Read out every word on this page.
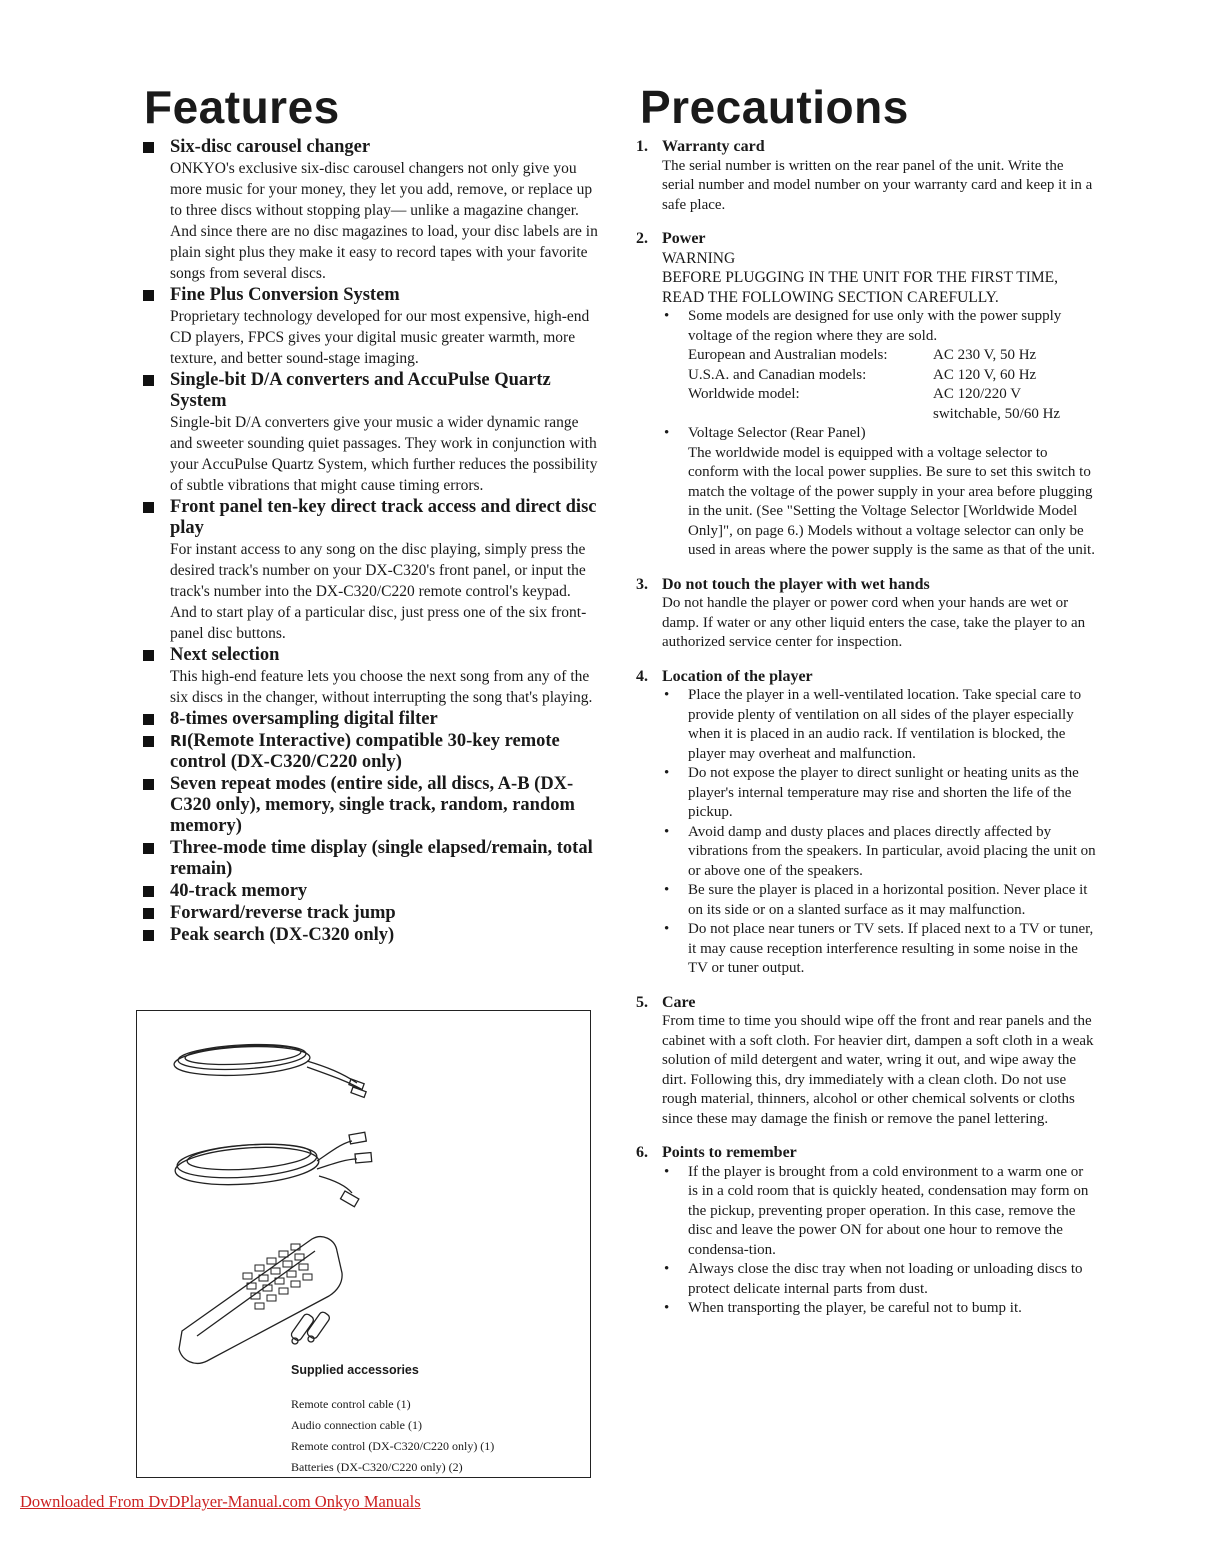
Features
Six-disc carousel changer
ONKYO's exclusive six-disc carousel changers not only give you more music for your money, they let you add, remove, or replace up to three discs without stopping play— unlike a magazine changer. And since there are no disc magazines to load, your disc labels are in plain sight plus they make it easy to record tapes with your favorite songs from several discs.
Fine Plus Conversion System
Proprietary technology developed for our most expensive, high-end CD players, FPCS gives your digital music greater warmth, more texture, and better sound-stage imaging.
Single-bit D/A converters and AccuPulse Quartz System
Single-bit D/A converters give your music a wider dynamic range and sweeter sounding quiet passages. They work in conjunction with your AccuPulse Quartz System, which further reduces the possibility of subtle vibrations that might cause timing errors.
Front panel ten-key direct track access and direct disc play
For instant access to any song on the disc playing, simply press the desired track's number on your DX-C320's front panel, or input the track's number into the DX-C320/C220 remote control's keypad. And to start play of a particular disc, just press one of the six front-panel disc buttons.
Next selection
This high-end feature lets you choose the next song from any of the six discs in the changer, without interrupting the song that's playing.
8-times oversampling digital filter
RI(Remote Interactive) compatible 30-key remote control (DX-C320/C220 only)
Seven repeat modes (entire side, all discs, A-B (DX-C320 only), memory, single track, random, random memory)
Three-mode time display (single elapsed/remain, total remain)
40-track memory
Forward/reverse track jump
Peak search (DX-C320 only)
Supplied accessories
Remote control cable (1)
Audio connection cable (1)
Remote control (DX-C320/C220 only) (1)
Batteries (DX-C320/C220 only) (2)
Precautions
1. Warranty card
The serial number is written on the rear panel of the unit. Write the serial number and model number on your warranty card and keep it in a safe place.
2. Power
WARNING
BEFORE PLUGGING IN THE UNIT FOR THE FIRST TIME, READ THE FOLLOWING SECTION CAREFULLY.
• Some models are designed for use only with the power supply voltage of the region where they are sold.
European and Australian models:	AC 230 V, 50 Hz
U.S.A. and Canadian models:	AC 120 V, 60 Hz
Worldwide model:	AC 120/220 V
	switchable, 50/60 Hz
• Voltage Selector (Rear Panel)
The worldwide model is equipped with a voltage selector to conform with the local power supplies. Be sure to set this switch to match the voltage of the power supply in your area before plugging in the unit. (See "Setting the Voltage Selector [Worldwide Model Only]", on page 6.) Models without a voltage selector can only be used in areas where the power supply is the same as that of the unit.
3. Do not touch the player with wet hands
Do not handle the player or power cord when your hands are wet or damp. If water or any other liquid enters the case, take the player to an authorized service center for inspection.
4. Location of the player
• Place the player in a well-ventilated location. Take special care to provide plenty of ventilation on all sides of the player especially when it is placed in an audio rack. If ventilation is blocked, the player may overheat and malfunction.
• Do not expose the player to direct sunlight or heating units as the player's internal temperature may rise and shorten the life of the pickup.
• Avoid damp and dusty places and places directly affected by vibrations from the speakers. In particular, avoid placing the unit on or above one of the speakers.
• Be sure the player is placed in a horizontal position. Never place it on its side or on a slanted surface as it may malfunction.
• Do not place near tuners or TV sets. If placed next to a TV or tuner, it may cause reception interference resulting in some noise in the TV or tuner output.
5. Care
From time to time you should wipe off the front and rear panels and the cabinet with a soft cloth. For heavier dirt, dampen a soft cloth in a weak solution of mild detergent and water, wring it out, and wipe away the dirt. Following this, dry immediately with a clean cloth. Do not use rough material, thinners, alcohol or other chemical solvents or cloths since these may damage the finish or remove the panel lettering.
6. Points to remember
• If the player is brought from a cold environment to a warm one or is in a cold room that is quickly heated, condensation may form on the pickup, preventing proper operation. In this case, remove the disc and leave the power ON for about one hour to remove the condensa-tion.
• Always close the disc tray when not loading or unloading discs to protect delicate internal parts from dust.
• When transporting the player, be careful not to bump it.
Downloaded From DvDPlayer-Manual.com Onkyo Manuals
